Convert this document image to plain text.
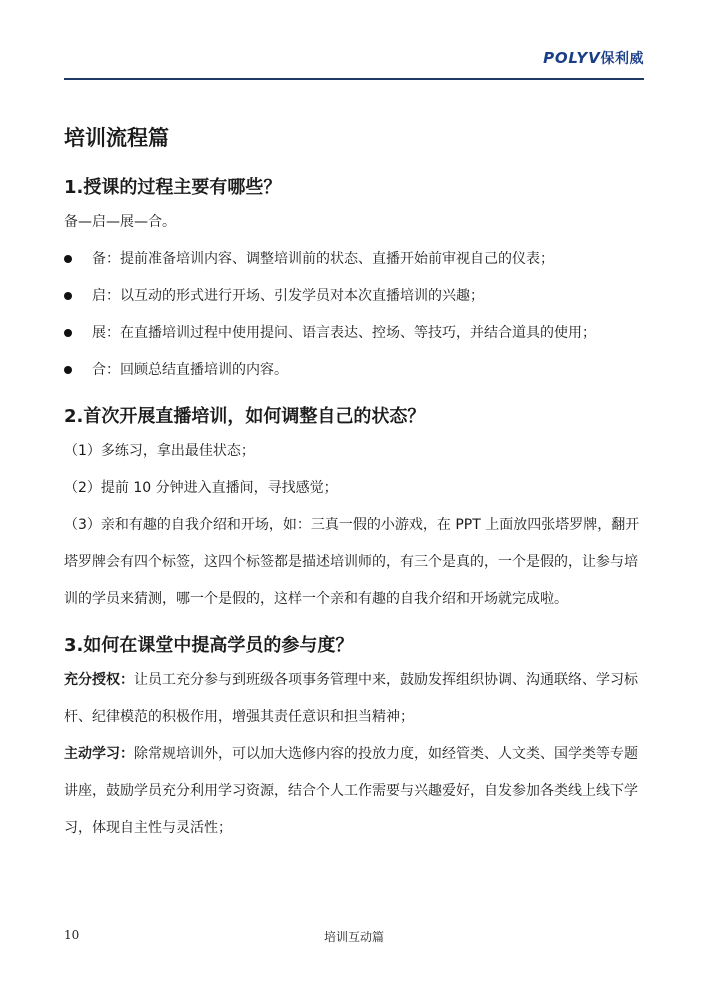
POLYV保利威
培训流程篇
1.授课的过程主要有哪些？

备—启—展—合。

备：提前准备培训内容、调整培训前的状态、直播开始前审视自己的仪表；
启：以互动的形式进行开场、引发学员对本次直播培训的兴趣；
展：在直播培训过程中使用提问、语言表达、控场、等技巧，并结合道具的使用；
合：回顾总结直播培训的内容。
2.首次开展直播培训，如何调整自己的状态？

（1）多练习，拿出最佳状态；

（2）提前 10 分钟进入直播间，寻找感觉；

（3）亲和有趣的自我介绍和开场，如：三真一假的小游戏，在 PPT 上面放四张塔罗牌，翻开塔罗牌会有四个标签，这四个标签都是描述培训师的，有三个是真的，一个是假的，让参与培训的学员来猜测，哪一个是假的，这样一个亲和有趣的自我介绍和开场就完成啦。

3.如何在课堂中提高学员的参与度？

充分授权：让员工充分参与到班级各项事务管理中来，鼓励发挥组织协调、沟通联络、学习标杆、纪律模范的积极作用，增强其责任意识和担当精神；

主动学习：除常规培训外，可以加大选修内容的投放力度，如经管类、人文类、国学类等专题讲座，鼓励学员充分利用学习资源，结合个人工作需要与兴趣爱好，自发参加各类线上线下学习，体现自主性与灵活性；

10	培训互动篇
